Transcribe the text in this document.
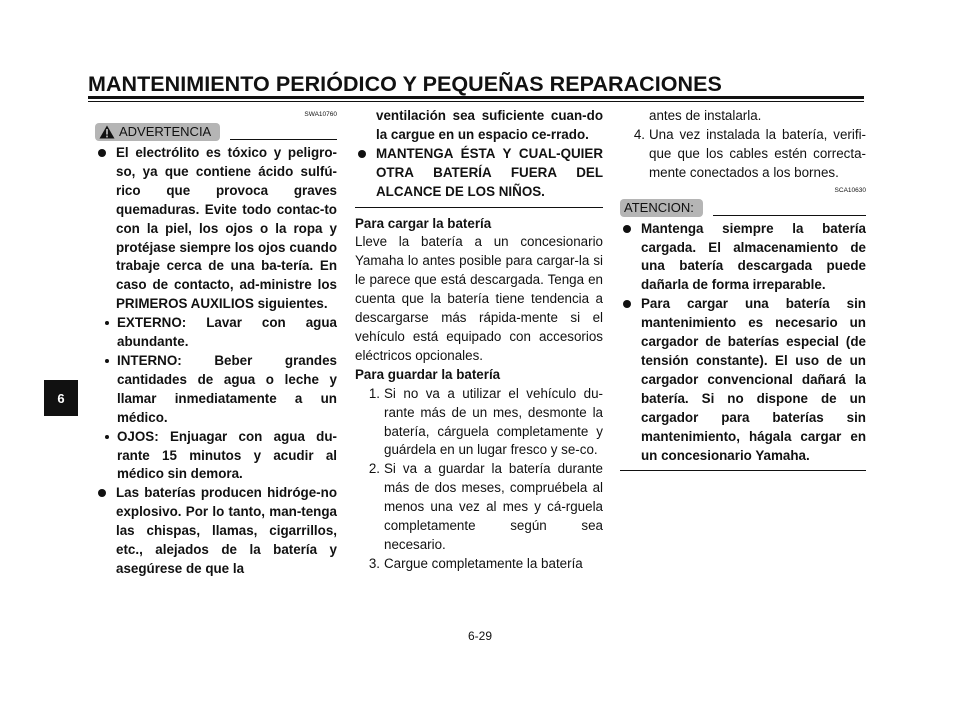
MANTENIMIENTO PERIÓDICO Y PEQUEÑAS REPARACIONES
6
SWA10760
ADVERTENCIA
El electrólito es tóxico y peligro-so, ya que contiene ácido sulfú-rico que provoca graves quemaduras. Evite todo contac-to con la piel, los ojos o la ropa y protéjase siempre los ojos cuando trabaje cerca de una ba-tería. En caso de contacto, ad-ministre los PRIMEROS AUXILIOS siguientes.
EXTERNO: Lavar con agua abundante.
INTERNO: Beber grandes cantidades de agua o leche y llamar inmediatamente a un médico.
OJOS: Enjuagar con agua du-rante 15 minutos y acudir al médico sin demora.
Las baterías producen hidróge-no explosivo. Por lo tanto, man-tenga las chispas, llamas, cigarrillos, etc., alejados de la batería y asegúrese de que la
ventilación sea suficiente cuan-do la cargue en un espacio ce-rrado.
MANTENGA ÉSTA Y CUAL-QUIER OTRA BATERÍA FUERA DEL ALCANCE DE LOS NIÑOS.
Para cargar la batería
Lleve la batería a un concesionario Yamaha lo antes posible para cargar-la si le parece que está descargada. Tenga en cuenta que la batería tiene tendencia a descargarse más rápida-mente si el vehículo está equipado con accesorios eléctricos opcionales.
Para guardar la batería
1. Si no va a utilizar el vehículo du-rante más de un mes, desmonte la batería, cárguela completamente y guárdela en un lugar fresco y se-co.
2. Si va a guardar la batería durante más de dos meses, compruébela al menos una vez al mes y cá-rguela completamente según sea necesario.
3. Cargue completamente la batería
antes de instalarla.
4. Una vez instalada la batería, verifi-que que los cables estén correcta-mente conectados a los bornes.
SCA10630
ATENCION:
Mantenga siempre la batería cargada. El almacenamiento de una batería descargada puede dañarla de forma irreparable.
Para cargar una batería sin mantenimiento es necesario un cargador de baterías especial (de tensión constante). El uso de un cargador convencional dañará la batería. Si no dispone de un cargador para baterías sin mantenimiento, hágala cargar en un concesionario Yamaha.
6-29
